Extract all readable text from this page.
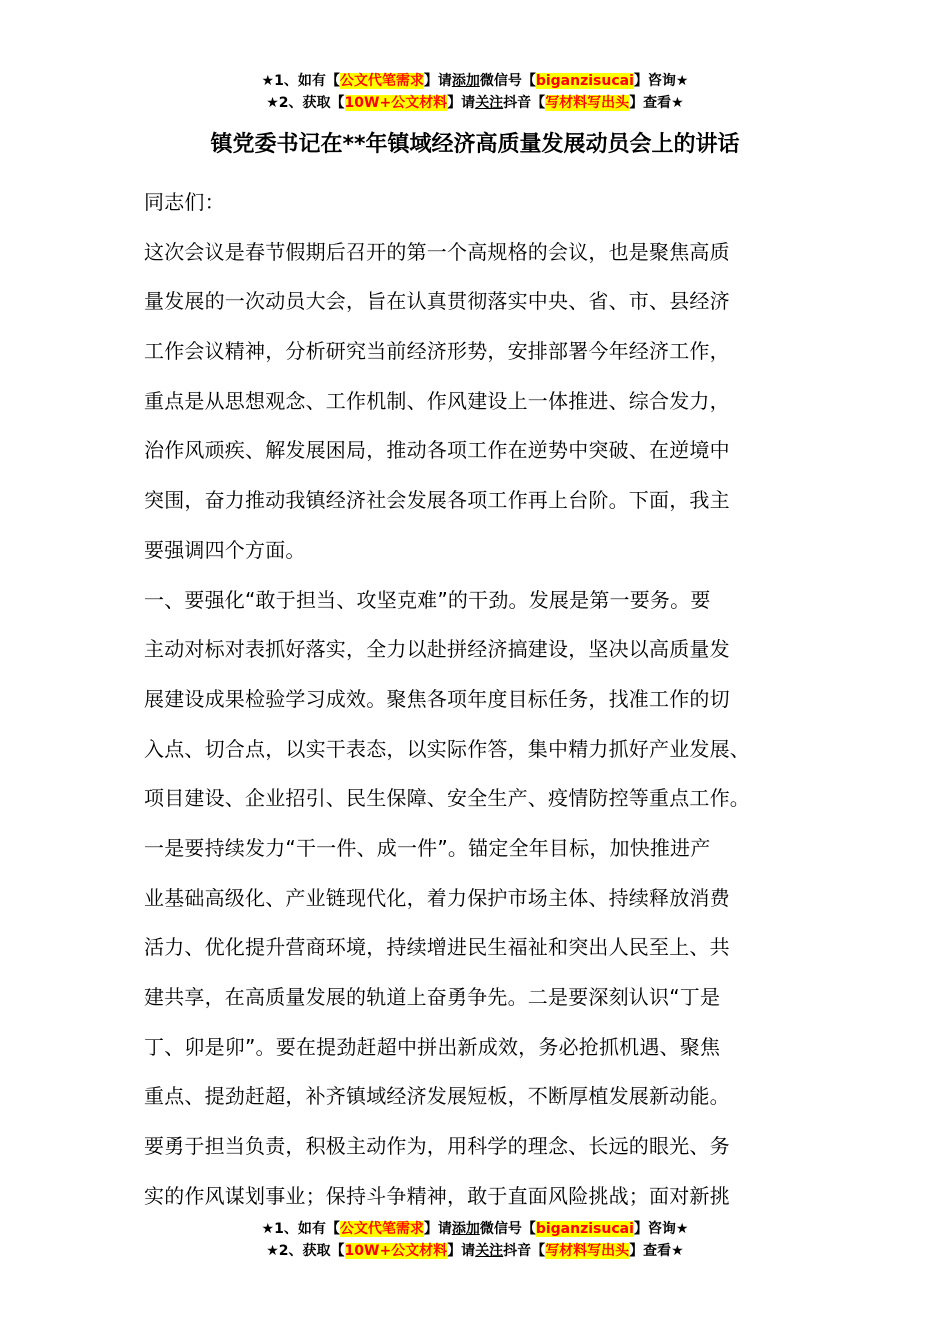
★1、如有【公文代笔需求】请添加微信号【biganzisucai】咨询★
★2、获取【10W+公文材料】请关注抖音【写材料写出头】查看★
镇党委书记在**年镇域经济高质量发展动员会上的讲话
同志们：
这次会议是春节假期后召开的第一个高规格的会议，也是聚焦高质
量发展的一次动员大会，旨在认真贯彻落实中央、省、市、县经济
工作会议精神，分析研究当前经济形势，安排部署今年经济工作，
重点是从思想观念、工作机制、作风建设上一体推进、综合发力，
治作风顽疾、解发展困局，推动各项工作在逆势中突破、在逆境中
突围，奋力推动我镇经济社会发展各项工作再上台阶。下面，我主
要强调四个方面。
一、要强化“敢于担当、攻坚克难”的干劲。发展是第一要务。要
主动对标对表抓好落实，全力以赴拼经济搞建设，坚决以高质量发
展建设成果检验学习成效。聚焦各项年度目标任务，找准工作的切
入点、切合点，以实干表态，以实际作答，集中精力抓好产业发展、
项目建设、企业招引、民生保障、安全生产、疫情防控等重点工作。
一是要持续发力“干一件、成一件”。锚定全年目标，加快推进产
业基础高级化、产业链现代化，着力保护市场主体、持续释放消费
活力、优化提升营商环境，持续增进民生福祉和突出人民至上、共
建共享，在高质量发展的轨道上奋勇争先。二是要深刻认识“丁是
丁、卯是卯”。要在提劲赶超中拼出新成效，务必抢抓机遇、聚焦
重点、提劲赶超，补齐镇域经济发展短板，不断厚植发展新动能。
要勇于担当负责，积极主动作为，用科学的理念、长远的眼光、务
实的作风谋划事业；保持斗争精神，敢于直面风险挑战；面对新挑
★1、如有【公文代笔需求】请添加微信号【biganzisucai】咨询★
★2、获取【10W+公文材料】请关注抖音【写材料写出头】查看★
